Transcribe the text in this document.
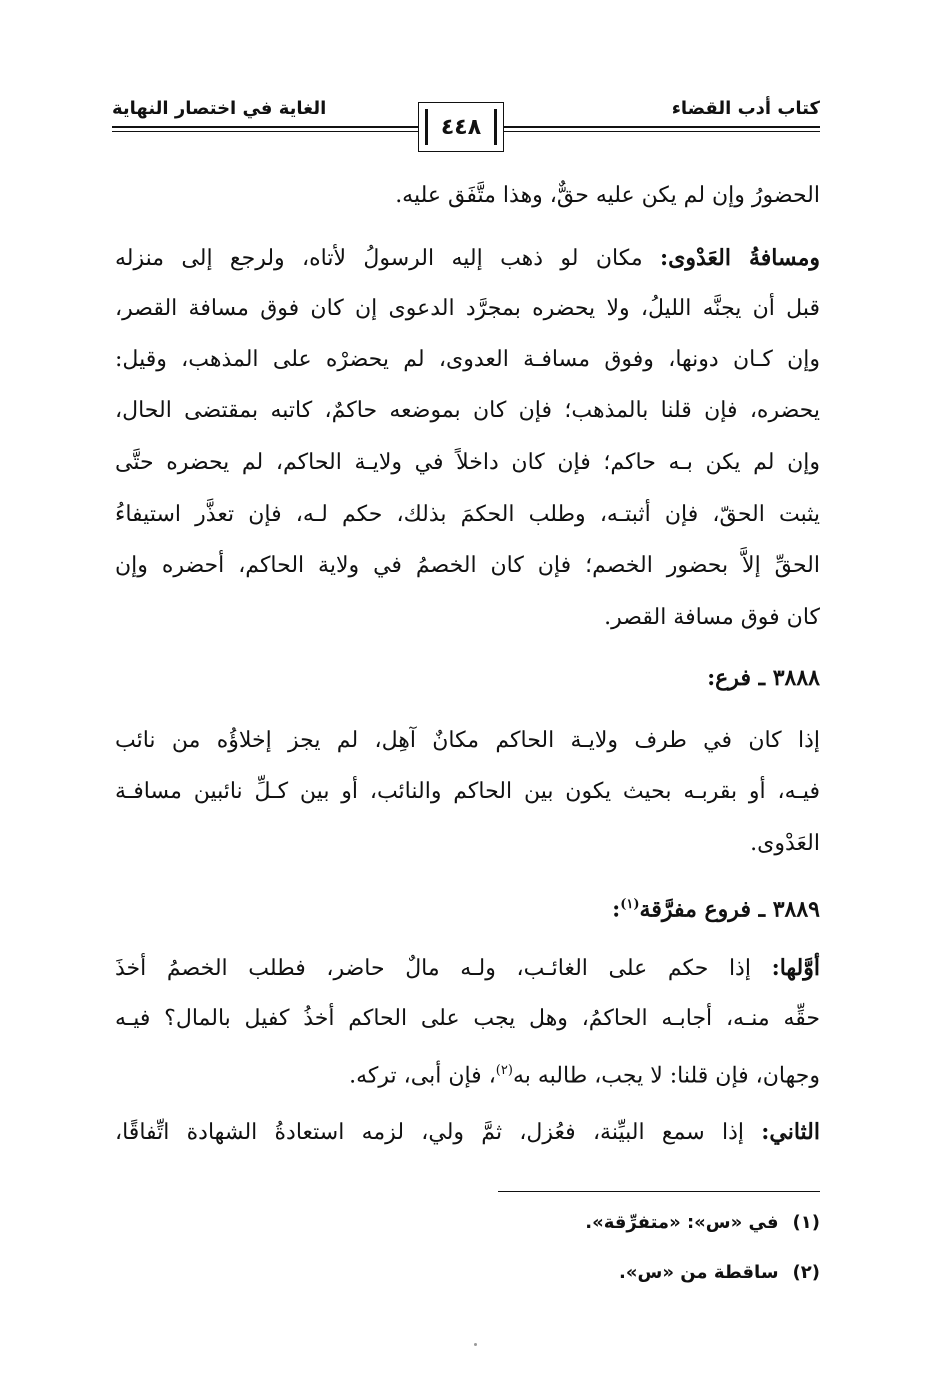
كتاب أدب القضاء
الغاية في اختصار النهاية
٤٤٨
الحضورُ وإن لم يكن عليه حقٌّ، وهذا متَّفَق عليه.
ومسافةُ العَدْوى: مكان لو ذهب إليه الرسولُ لأتاه، ولرجع إلى منزله
قبل أن يجنَّه الليلُ، ولا يحضره بمجرَّد الدعوى إن كان فوق مسافة القصر،
وإن كـان دونها، وفوق مسافـة العدوى، لم يحضرْه على المذهب، وقيل:
يحضره، فإن قلنا بالمذهب؛ فإن كان بموضعه حاكمٌ، كاتبه بمقتضى الحال،
وإن لم يكن بـه حاكم؛ فإن كان داخلاً في ولايـة الحاكم، لم يحضره حتَّى
يثبت الحقّ، فإن أثبتـه، وطلب الحكمَ بذلك، حكم لـه، فإن تعذَّر استيفاءُ
الحقِّ إلاَّ بحضور الخصم؛ فإن كان الخصمُ في ولاية الحاكم، أحضره وإن
كان فوق مسافة القصر.
٣٨٨٨ ـ فرع:
إذا كان في طرف ولايـة الحاكم مكانٌ آهِل، لم يجز إخلاؤُه من نائب
فيـه، أو بقربـه بحيث يكون بين الحاكم والنائب، أو بين كـلِّ نائبين مسافـة
العَدْوى.
٣٨٨٩ ـ فروع مفرَّقة$^{(١)}$:
أوَّلها: إذا حكم على الغائـب، ولـه مالٌ حاضر، فطلب الخصمُ أخذَ
حقِّه منـه، أجابـه الحاكمُ، وهل يجب على الحاكم أخذُ كفيل بالمال؟ فيـه
وجهان، فإن قلنا: لا يجب، طالبه به$^{(٢)}$، فإن أبى، تركه.
الثاني: إذا سمع البيِّنة، فعُزل، ثمَّ ولي، لزمه استعادةُ الشهادة اتِّفاقًا،
(١)في «س»: «متفرِّقة».
(٢)ساقطة من «س».
